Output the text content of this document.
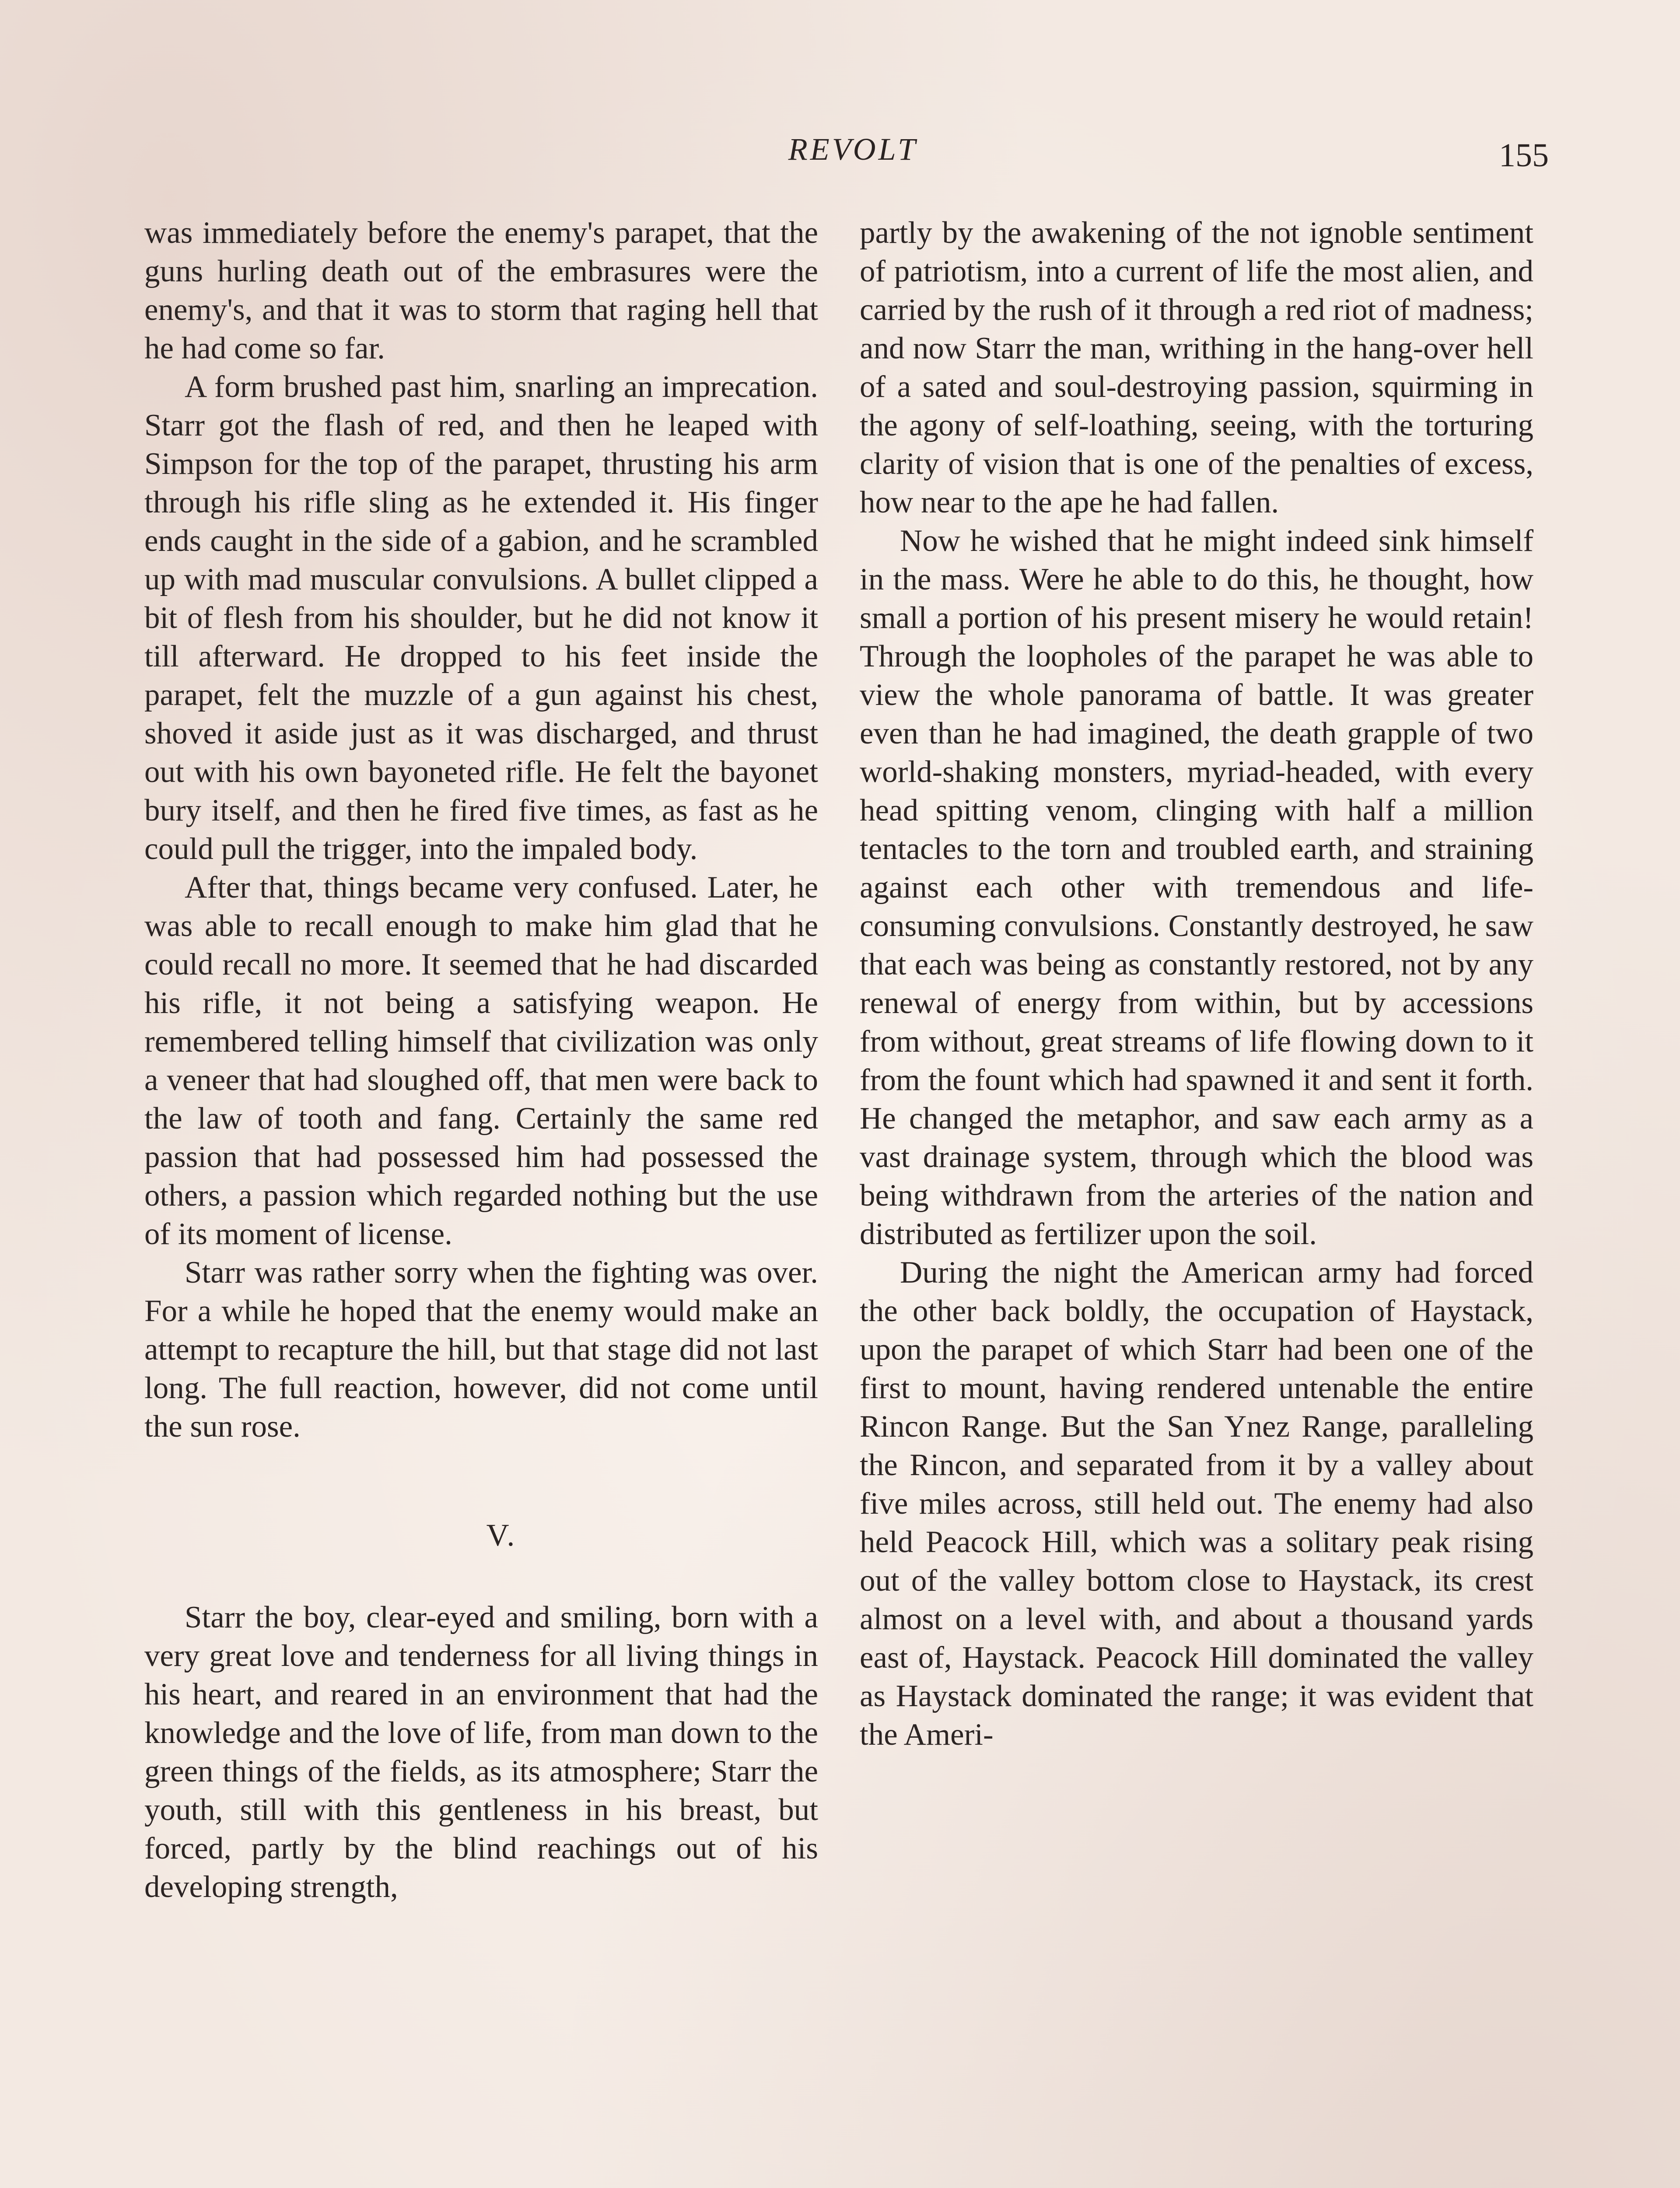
REVOLT	155

was immediately before the enemy's parapet, that the guns hurling death out of the embrasures were the enemy's, and that it was to storm that raging hell that he had come so far.

A form brushed past him, snarling an imprecation. Starr got the flash of red, and then he leaped with Simpson for the top of the parapet, thrusting his arm through his rifle sling as he extended it. His finger ends caught in the side of a gabion, and he scrambled up with mad muscular convulsions. A bullet clipped a bit of flesh from his shoulder, but he did not know it till afterward. He dropped to his feet inside the parapet, felt the muzzle of a gun against his chest, shoved it aside just as it was discharged, and thrust out with his own bayoneted rifle. He felt the bayonet bury itself, and then he fired five times, as fast as he could pull the trigger, into the impaled body.

After that, things became very confused. Later, he was able to recall enough to make him glad that he could recall no more. It seemed that he had discarded his rifle, it not being a satisfying weapon. He remembered telling himself that civilization was only a veneer that had sloughed off, that men were back to the law of tooth and fang. Certainly the same red passion that had possessed him had possessed the others, a passion which regarded nothing but the use of its moment of license.

Starr was rather sorry when the fighting was over. For a while he hoped that the enemy would make an attempt to recapture the hill, but that stage did not last long. The full reaction, however, did not come until the sun rose.

V.

Starr the boy, clear-eyed and smiling, born with a very great love and tenderness for all living things in his heart, and reared in an environment that had the knowledge and the love of life, from man down to the green things of the fields, as its atmosphere; Starr the youth, still with this gentleness in his breast, but forced, partly by the blind reachings out of his developing strength,

partly by the awakening of the not ignoble sentiment of patriotism, into a current of life the most alien, and carried by the rush of it through a red riot of madness; and now Starr the man, writhing in the hang-over hell of a sated and soul-destroying passion, squirming in the agony of self-loathing, seeing, with the torturing clarity of vision that is one of the penalties of excess, how near to the ape he had fallen.

Now he wished that he might indeed sink himself in the mass. Were he able to do this, he thought, how small a portion of his present misery he would retain! Through the loopholes of the parapet he was able to view the whole panorama of battle. It was greater even than he had imagined, the death grapple of two world-shaking monsters, myriad-headed, with every head spitting venom, clinging with half a million tentacles to the torn and troubled earth, and straining against each other with tremendous and life-consuming convulsions. Constantly destroyed, he saw that each was being as constantly restored, not by any renewal of energy from within, but by accessions from without, great streams of life flowing down to it from the fount which had spawned it and sent it forth. He changed the metaphor, and saw each army as a vast drainage system, through which the blood was being withdrawn from the arteries of the nation and distributed as fertilizer upon the soil.

During the night the American army had forced the other back boldly, the occupation of Haystack, upon the parapet of which Starr had been one of the first to mount, having rendered untenable the entire Rincon Range. But the San Ynez Range, paralleling the Rincon, and separated from it by a valley about five miles across, still held out. The enemy had also held Peacock Hill, which was a solitary peak rising out of the valley bottom close to Haystack, its crest almost on a level with, and about a thousand yards east of, Haystack. Peacock Hill dominated the valley as Haystack dominated the range; it was evident that the Ameri-
